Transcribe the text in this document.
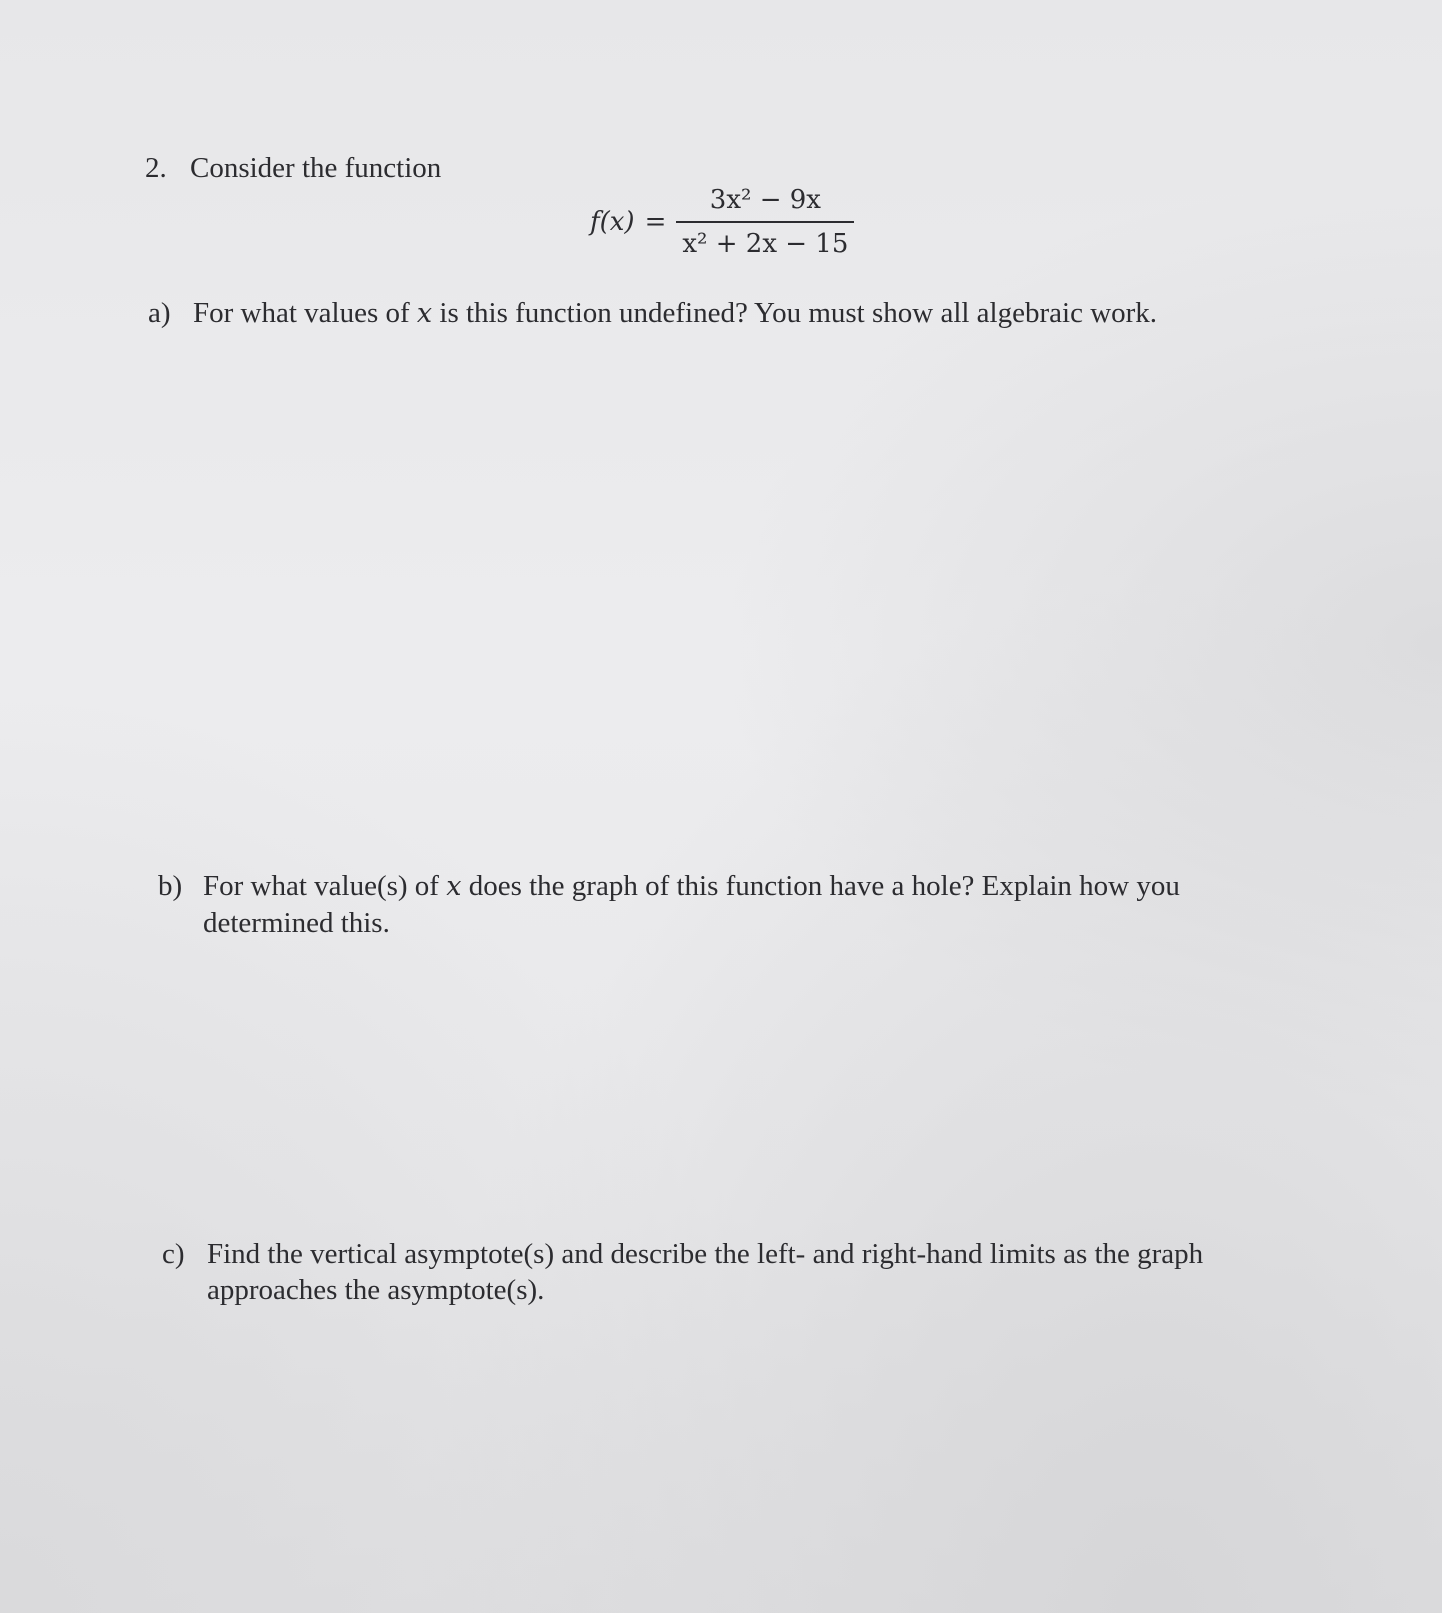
2. Consider the function
$f(x) = \frac{\text{3x² − 9x}}{\text{x² + 2x − 15}}$
a) For what values of x is this function undefined? You must show all algebraic work.
b) For what value(s) of x does the graph of this function have a hole? Explain how you determined this.
c) Find the vertical asymptote(s) and describe the left- and right-hand limits as the graph approaches the asymptote(s).
